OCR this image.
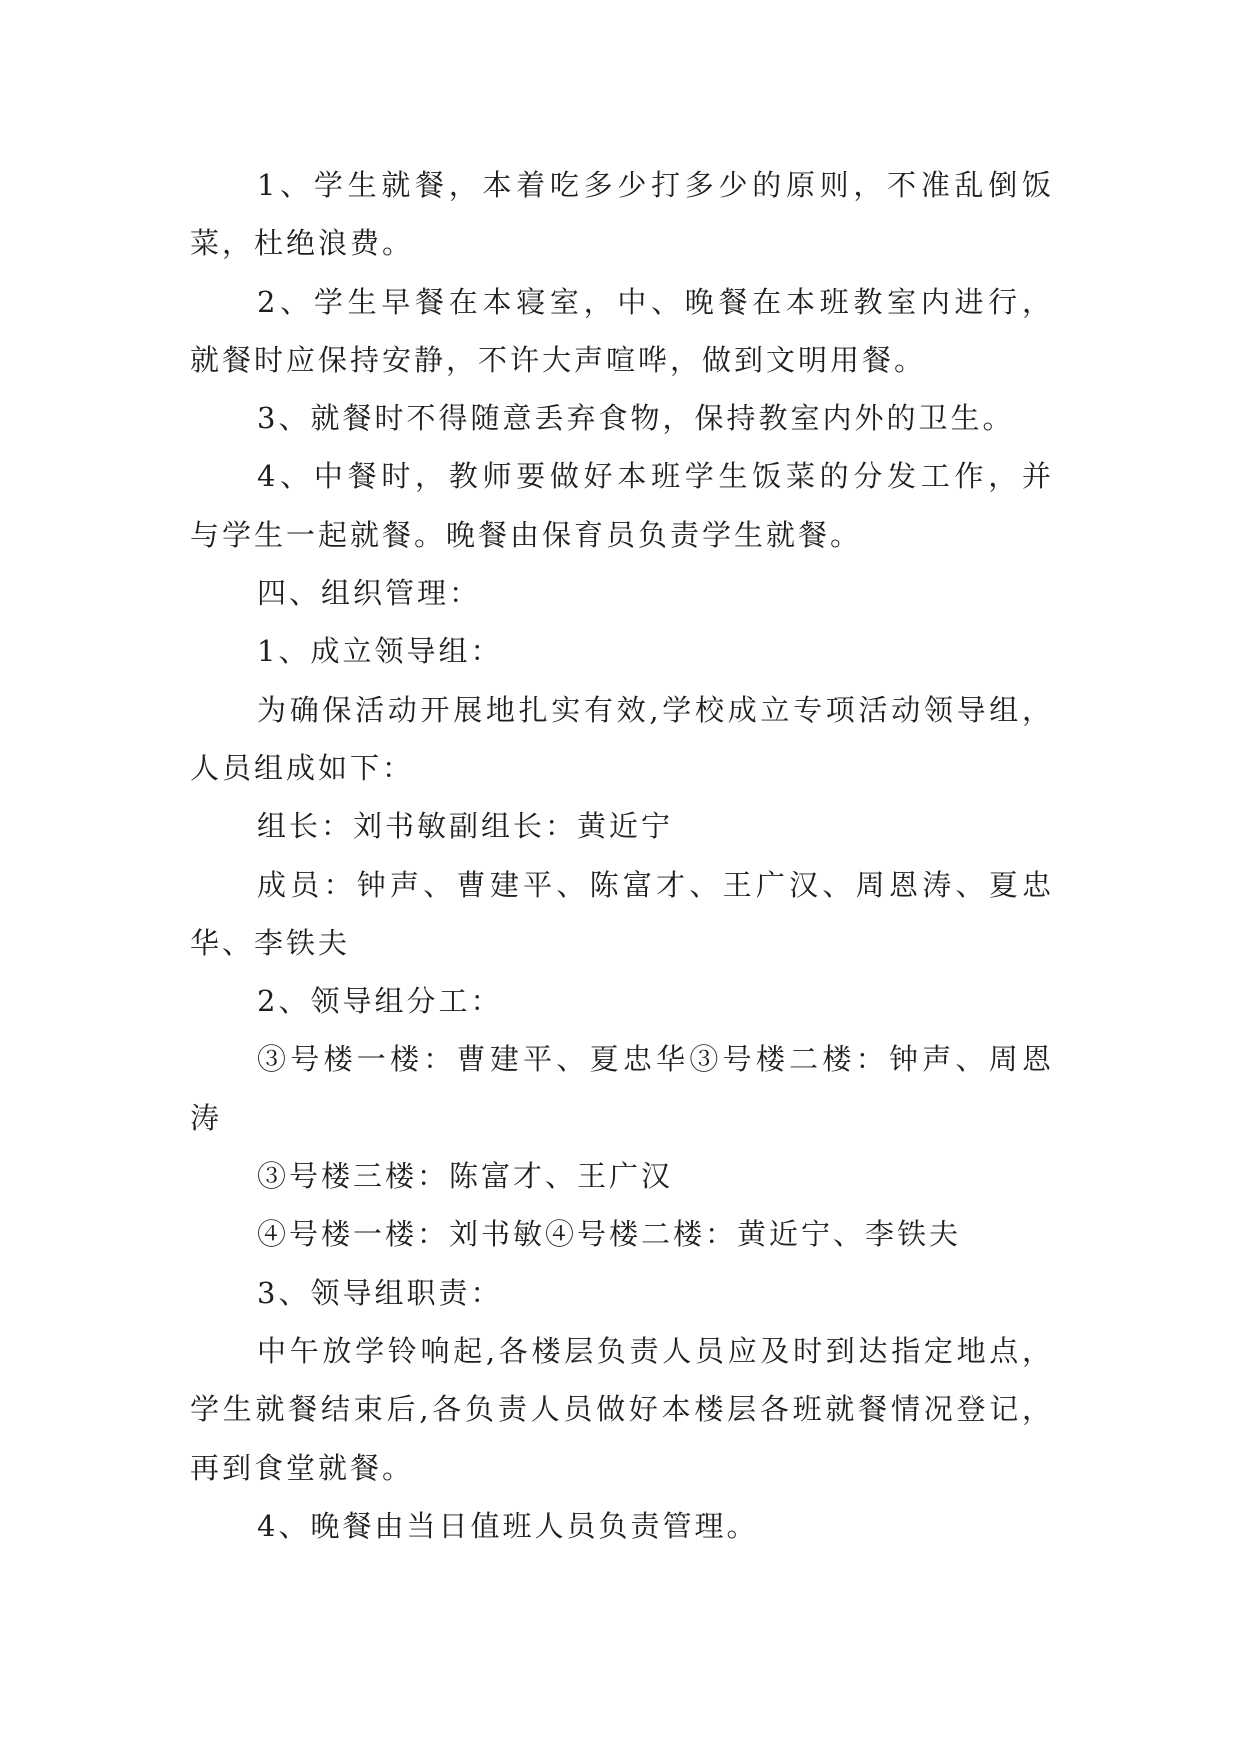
1、学生就餐，本着吃多少打多少的原则，不准乱倒饭
菜，杜绝浪费。
2、学生早餐在本寝室，中、晚餐在本班教室内进行，
就餐时应保持安静，不许大声喧哗，做到文明用餐。
3、就餐时不得随意丢弃食物，保持教室内外的卫生。
4、中餐时，教师要做好本班学生饭菜的分发工作，并
与学生一起就餐。晚餐由保育员负责学生就餐。
四、组织管理：
1、成立领导组：
为确保活动开展地扎实有效,学校成立专项活动领导组，
人员组成如下：
组长：刘书敏副组长：黄近宁
成员：钟声、曹建平、陈富才、王广汉、周恩涛、夏忠
华、李铁夫
2、领导组分工：
③号楼一楼：曹建平、夏忠华③号楼二楼：钟声、周恩
涛
③号楼三楼：陈富才、王广汉
④号楼一楼：刘书敏④号楼二楼：黄近宁、李铁夫
3、领导组职责：
中午放学铃响起,各楼层负责人员应及时到达指定地点，
学生就餐结束后,各负责人员做好本楼层各班就餐情况登记，
再到食堂就餐。
4、晚餐由当日值班人员负责管理。
